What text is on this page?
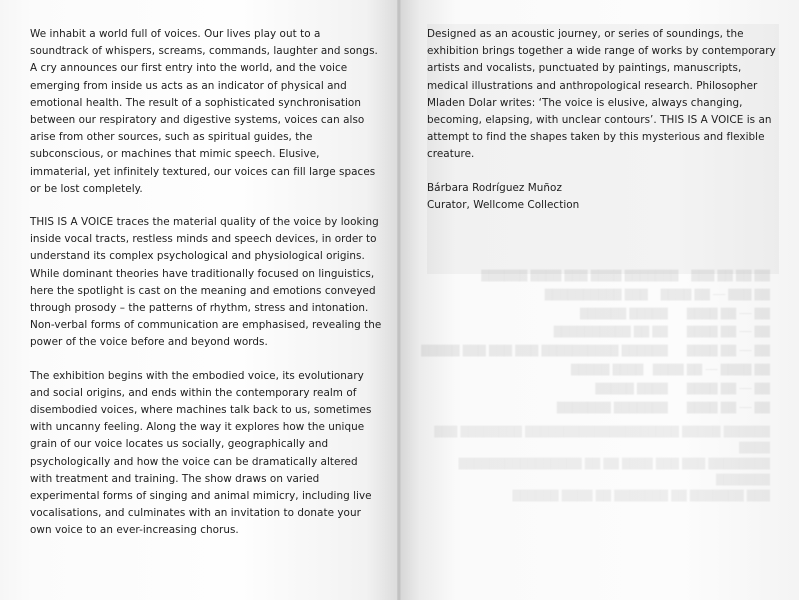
██ ██ ██ ███    ███████ ████ ███ ████ ██████
██ ███ ── ██ ████    ███ ██████████
██ ── ██ ████      █████ ██████
██ ── ██ ████      ██ ██ ██████████
██ ── ██ ████      ██████ ██████████ ███ ███ ███ █████
██ ████ ── ██ ████   ████ █████
██ ── ██ ████      ████ █████
██ ── ██ ████      ███████ ███████
██████ █████ ████████████████████ ████████ ███ ████
████████ ███ ███ ████ ██ ██ ████████████████ ███████
███ ███████ ██ ███████ ██ ████ ██████

We inhabit a world full of voices. Our lives play out to a soundtrack of whispers, screams, commands, laughter and songs. A cry announces our first entry into the world, and the voice emerging from inside us acts as an indicator of physical and emotional health. The result of a sophisticated synchronisation between our respiratory and digestive systems, voices can also arise from other sources, such as spiritual guides, the subconscious, or machines that mimic speech. Elusive, immaterial, yet infinitely textured, our voices can fill large spaces or be lost completely.

THIS IS A VOICE traces the material quality of the voice by looking inside vocal tracts, restless minds and speech devices, in order to understand its complex psychological and physiological origins. While dominant theories have traditionally focused on linguistics, here the spotlight is cast on the meaning and emotions conveyed through prosody – the patterns of rhythm, stress and intonation. Non-verbal forms of communication are emphasised, revealing the power of the voice before and beyond words.

The exhibition begins with the embodied voice, its evolutionary and social origins, and ends within the contemporary realm of disembodied voices, where machines talk back to us, sometimes with uncanny feeling. Along the way it explores how the unique grain of our voice locates us socially, geographically and psychologically and how the voice can be dramatically altered with treatment and training. The show draws on varied experimental forms of singing and animal mimicry, including live vocalisations, and culminates with an invitation to donate your own voice to an ever-increasing chorus.

Designed as an acoustic journey, or series of soundings, the exhibition brings together a wide range of works by contemporary artists and vocalists, punctuated by paintings, manuscripts, medical illustrations and anthropological research. Philosopher Mladen Dolar writes: ‘The voice is elusive, always changing, becoming, elapsing, with unclear contours’. THIS IS A VOICE is an attempt to find the shapes taken by this mysterious and flexible creature.

Bárbara Rodríguez Muñoz
Curator, Wellcome Collection
